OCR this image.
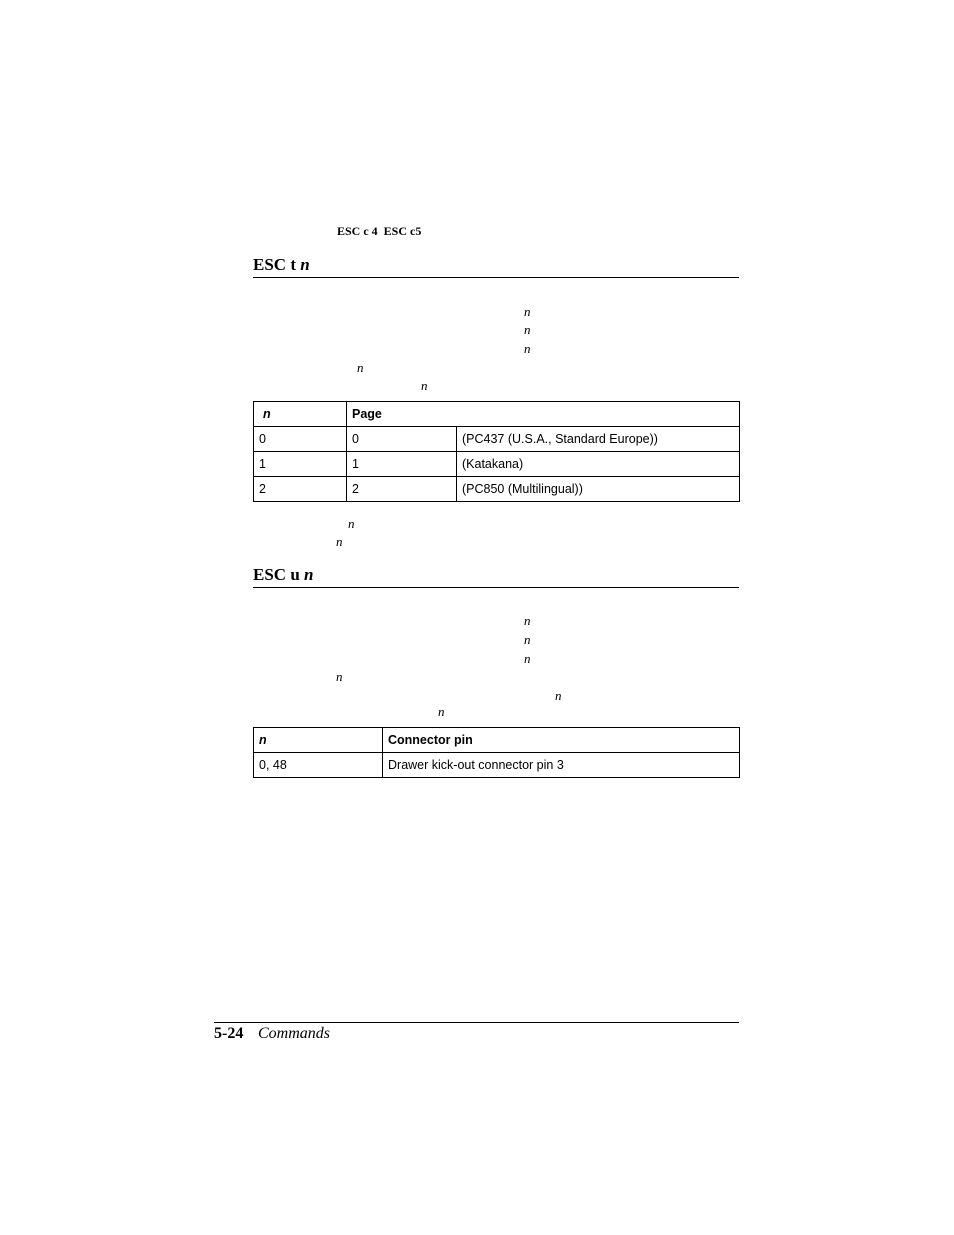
ESC c 4  ESC c5
ESC t n
n
n
n
n
n
n	Page	
0	0	(PC437 (U.S.A., Standard Europe))
1	1	(Katakana)
2	2	(PC850 (Multilingual))
n
n
ESC u n
n
n
n
n
n
n
n	Connector pin
0, 48	Drawer kick-out connector pin 3
5-24 Commands
